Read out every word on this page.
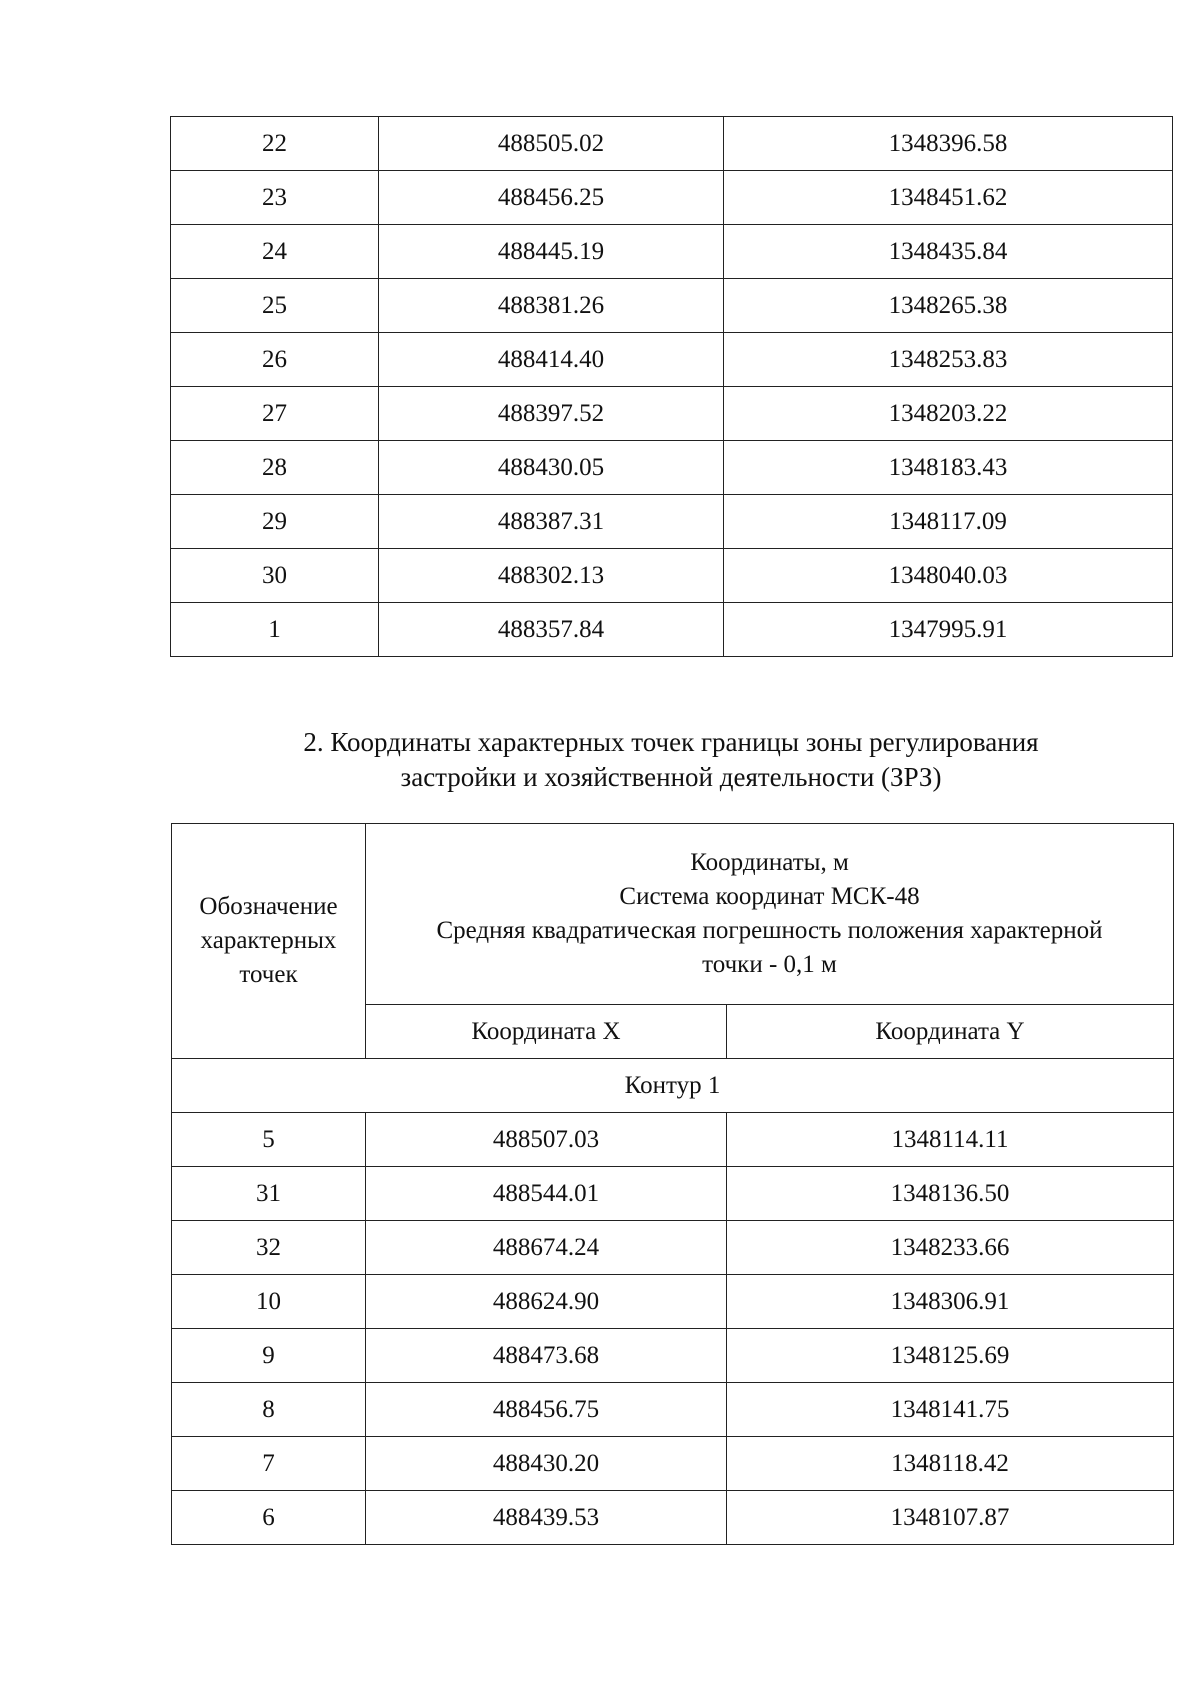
22	488505.02	1348396.58
23	488456.25	1348451.62
24	488445.19	1348435.84
25	488381.26	1348265.38
26	488414.40	1348253.83
27	488397.52	1348203.22
28	488430.05	1348183.43
29	488387.31	1348117.09
30	488302.13	1348040.03
1	488357.84	1347995.91
2. Координаты характерных точек границы зоны регулирования
застройки и хозяйственной деятельности (ЗРЗ)
Обозначение
характерных
точек	Координаты, м
Система координат МСК-48
Средняя квадратическая погрешность положения характерной
точки - 0,1 м	

	Координата X	Координата Y
Контур 1		
5	488507.03	1348114.11
31	488544.01	1348136.50
32	488674.24	1348233.66
10	488624.90	1348306.91
9	488473.68	1348125.69
8	488456.75	1348141.75
7	488430.20	1348118.42
6	488439.53	1348107.87
